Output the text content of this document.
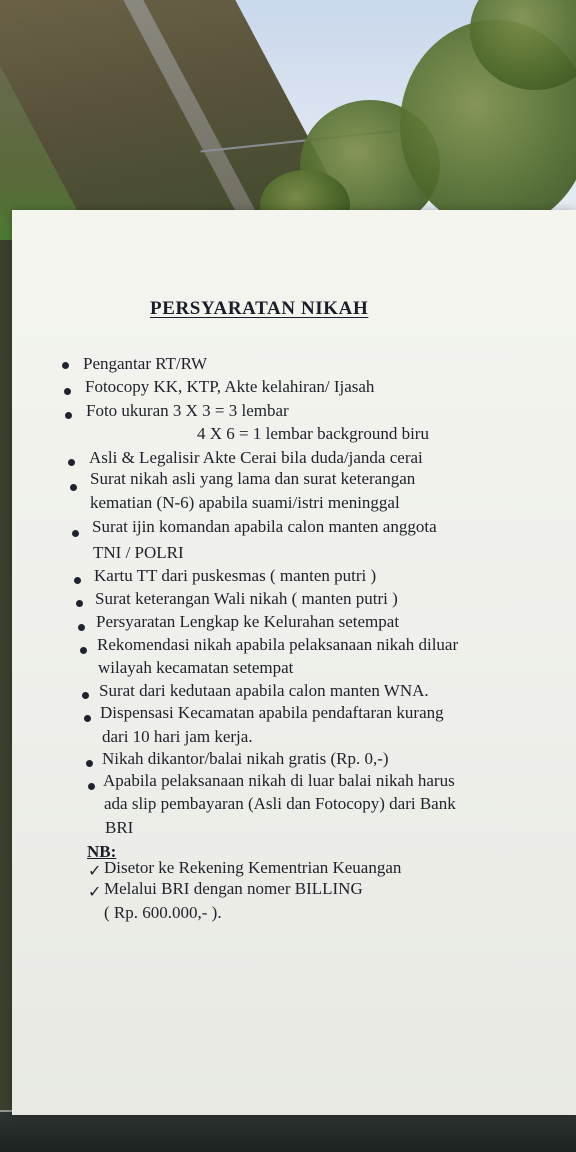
PERSYARATAN NIKAH
Pengantar RT/RW
Fotocopy KK, KTP, Akte kelahiran/ Ijasah
Foto ukuran 3 X 3 = 3 lembar
4 X 6 = 1 lembar background biru
Asli & Legalisir Akte Cerai bila duda/janda cerai
Surat nikah asli yang lama dan surat keterangan
kematian (N-6) apabila suami/istri meninggal
Surat ijin komandan apabila calon manten anggota
TNI / POLRI
Kartu TT dari puskesmas ( manten putri )
Surat keterangan Wali nikah ( manten putri )
Persyaratan Lengkap ke Kelurahan setempat
Rekomendasi nikah apabila pelaksanaan nikah diluar
wilayah kecamatan setempat
Surat dari kedutaan apabila calon manten WNA.
Dispensasi Kecamatan apabila pendaftaran kurang
dari 10 hari jam kerja.
Nikah dikantor/balai nikah gratis (Rp. 0,-)
Apabila pelaksanaan nikah di luar balai nikah harus
ada slip pembayaran (Asli dan Fotocopy) dari Bank
BRI
NB:
✓ Disetor ke Rekening Kementrian Keuangan
✓ Melalui BRI dengan nomer BILLING
( Rp. 600.000,- ).
